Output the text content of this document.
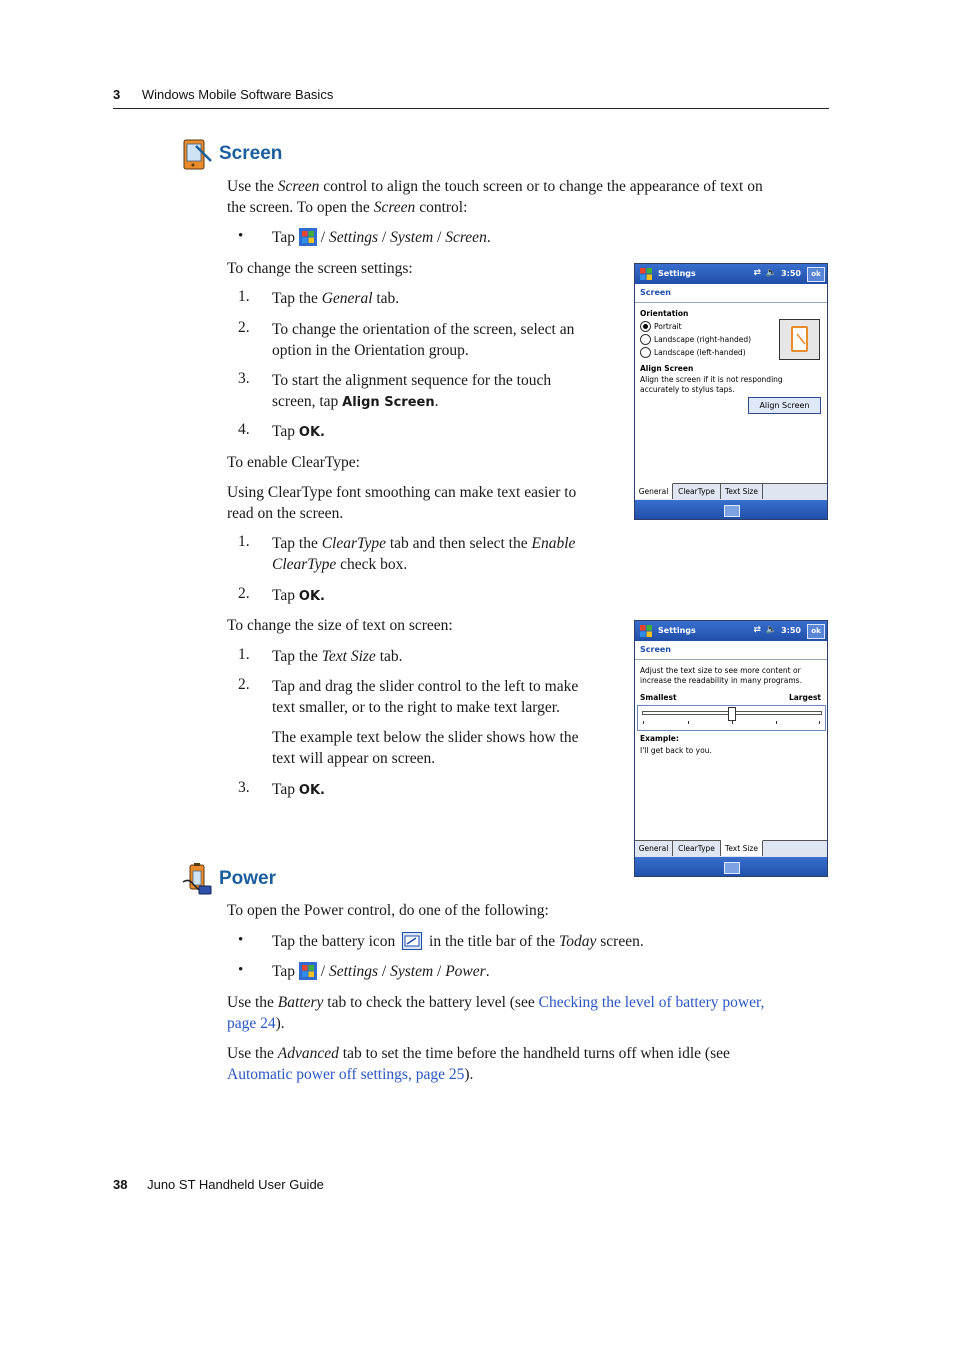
3 Windows Mobile Software Basics
Screen
Use the Screen control to align the touch screen or to change the appearance of text on
the screen. To open the Screen control:
• Tap  / Settings / System / Screen.
To change the screen settings:
1. Tap the General tab.
2. To change the orientation of the screen, select an
option in the Orientation group.
3. To start the alignment sequence for the touch
screen, tap Align Screen.
4. Tap OK.
To enable ClearType:
Using ClearType font smoothing can make text easier to
read on the screen.
1. Tap the ClearType tab and then select the Enable
ClearType check box.
2. Tap OK.
To change the size of text on screen:
1. Tap the Text Size tab.
2. Tap and drag the slider control to the left to make
text smaller, or to the right to make text larger.
The example text below the slider shows how the
text will appear on screen.
3. Tap OK.
Settings	⇄ 🔈 3:50	ok
Screen
Orientation
Portrait
Landscape (right-handed)
Landscape (left-handed)
Align Screen
Align the screen if it is not responding
accurately to stylus taps.
Align Screen
General	ClearType	Text Size
Settings	⇄ 🔈 3:50	ok
Screen
Adjust the text size to see more content or
increase the readability in many programs.
Smallest	Largest
Example:
I'll get back to you.
General	ClearType	Text Size
Power
To open the Power control, do one of the following:
• Tap the battery icon  in the title bar of the Today screen.
• Tap  / Settings / System / Power.
Use the Battery tab to check the battery level (see Checking the level of battery power,
page 24).
Use the Advanced tab to set the time before the handheld turns off when idle (see
Automatic power off settings, page 25).
38 Juno ST Handheld User Guide
